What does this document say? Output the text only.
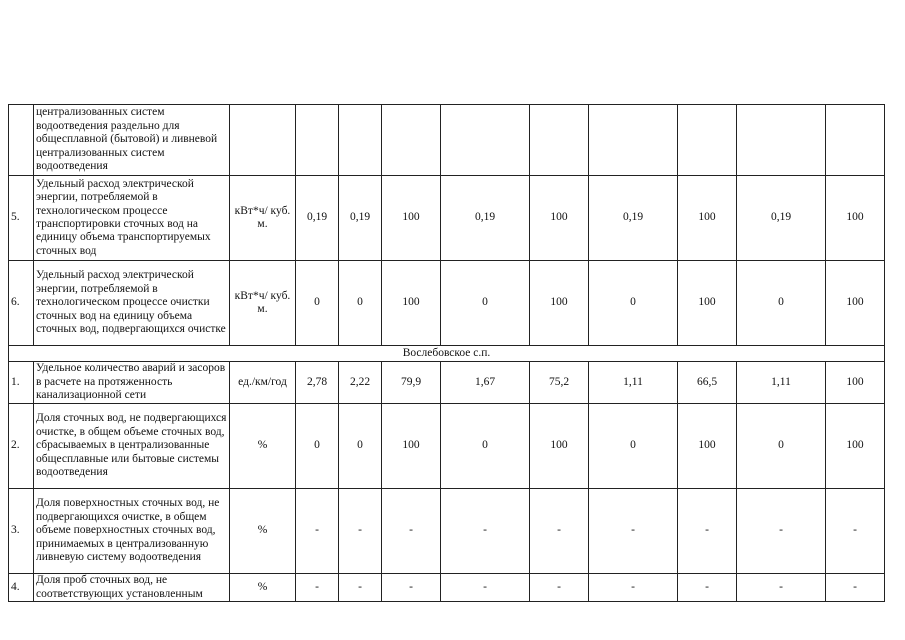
	централизованных систем водоотведения раздельно для общесплавной (бытовой) и ливневой централизованных систем водоотведения										
5.	Удельный расход электрической энергии, потребляемой в технологическом процессе транспортировки сточных вод на единицу объема транспортируемых сточных вод	кВт*ч/ куб. м.	0,19	0,19	100	0,19	100	0,19	100	0,19	100
6.	Удельный расход электрической энергии, потребляемой в технологическом процессе очистки сточных вод на единицу объема сточных вод, подвергающихся очистке	кВт*ч/ куб. м.	0	0	100	0	100	0	100	0	100
Вослебовское с.п.											
1.	Удельное количество аварий и засоров в расчете на протяженность канализационной сети	ед./км/год	2,78	2,22	79,9	1,67	75,2	1,11	66,5	1,11	100
2.	Доля сточных вод, не подвергающихся очистке, в общем объеме сточных вод, сбрасываемых в централизованные общесплавные или бытовые системы водоотведения	%	0	0	100	0	100	0	100	0	100
3.	Доля поверхностных сточных вод, не подвергающихся очистке, в общем объеме поверхностных сточных вод, принимаемых в централизованную ливневую систему водоотведения	%	-	-	-	-	-	-	-	-	-
4.	Доля проб сточных вод, не соответствующих установленным	%	-	-	-	-	-	-	-	-	-
